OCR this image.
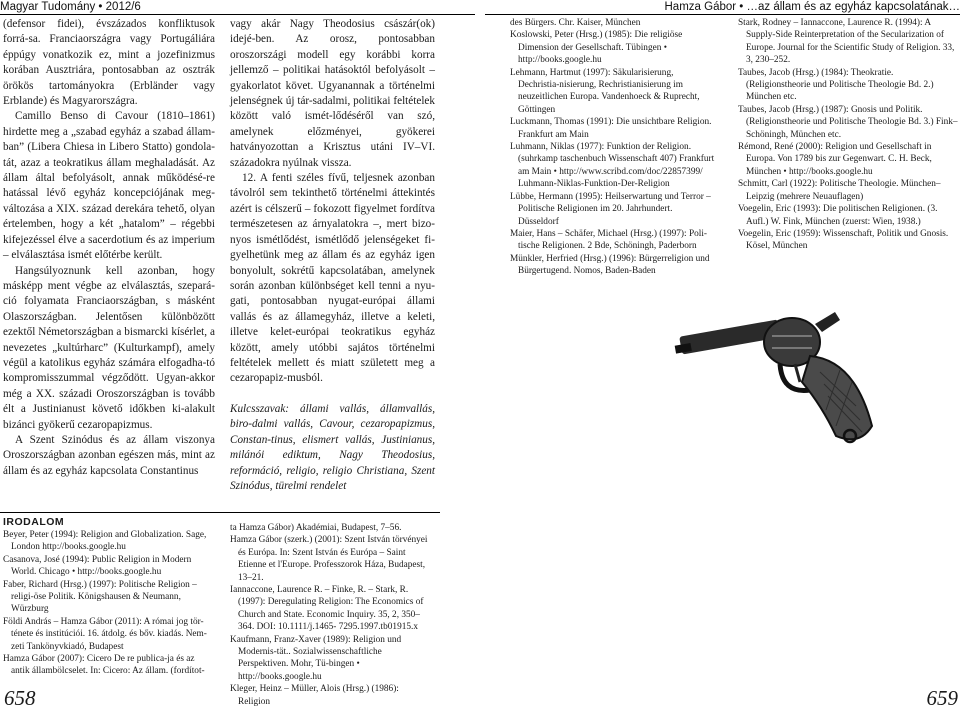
Magyar Tudomány • 2012/6	Hamza Gábor • …az állam és az egyház kapcsolatának…

(defensor fidei), évszázados konfliktusok forrá-sa. Franciaországra vagy Portugáliára éppúgy vonatkozik ez, mint a jozefinizmus korában Ausztriára, pontosabban az osztrák örökös tartományokra (Erbländer vagy Erblande) és Magyarországra.

Camillo Benso di Cavour (1810–1861) hirdette meg a „szabad egyház a szabad állam-ban” (Libera Chiesa in Libero Statto) gondola-tát, azaz a teokratikus állam meghaladását. Az állam által befolyásolt, annak működésé-re hatással lévő egyház koncepciójának meg-változása a XIX. század derekára tehető, olyan értelemben, hogy a két „hatalom” – régebbi kifejezéssel élve a sacerdotium és az imperium – elválasztása ismét előtérbe került.

Hangsúlyoznunk kell azonban, hogy másképp ment végbe az elválasztás, szepará-ció folyamata Franciaországban, s másként Olaszországban. Jelentősen különbözött ezektől Németországban a bismarcki kísérlet, a nevezetes „kultúrharc” (Kulturkampf), amely végül a katolikus egyház számára elfogadha-tó kompromisszummal végződött. Ugyan-akkor még a XX. századi Oroszországban is tovább élt a Justinianust követő időkben ki-alakult bizánci gyökerű cezaropapizmus.

A Szent Szinódus és az állam viszonya Oroszországban azonban egészen más, mint az állam és az egyház kapcsolata Constantinus

vagy akár Nagy Theodosius császár(ok) idejé-ben. Az orosz, pontosabban oroszországi modell egy korábbi korra jellemző – politikai hatásoktól befolyásolt – gyakorlatot követ. Ugyanannak a történelmi jelenségnek új tár-sadalmi, politikai feltételek között való ismét-lődéséről van szó, amelynek előzményei, gyökerei hatványozottan a Krisztus utáni IV–VI. századokra nyúlnak vissza.

12. A fenti széles fívű, teljesnek azonban távolról sem tekinthető történelmi áttekintés azért is célszerű – fokozott figyelmet fordítva természetesen az árnyalatokra –, mert bizo-nyos ismétlődést, ismétlődő jelenségeket fi-gyelhetünk meg az állam és az egyház igen bonyolult, sokrétű kapcsolatában, amelynek során azonban különbséget kell tenni a nyu-gati, pontosabban nyugat-európai állami vallás és az államegyház, illetve a keleti, illetve kelet-európai teokratikus egyház között, amely utóbbi sajátos történelmi feltételek mellett és miatt született meg a cezaropapiz-musból.

Kulcsszavak: állami vallás, államvallás, biro-dalmi vallás, Cavour, cezaropapizmus, Constan-tinus, elismert vallás, Justinianus, milánói ediktum, Nagy Theodosius, reformáció, religio, religio Christiana, Szent Szinódus, türelmi rendelet

des Bürgers. Chr. Kaiser, München

Koslowski, Peter (Hrsg.) (1985): Die religiöse Dimension der Gesellschaft. Tübingen • http://books.google.hu

Lehmann, Hartmut (1997): Säkularisierung, Dechristia-nisierung, Rechristianisierung im neuzeitlichen Europa. Vandenhoeck & Ruprecht, Göttingen

Luckmann, Thomas (1991): Die unsichtbare Religion. Frankfurt am Main

Luhmann, Niklas (1977): Funktion der Religion. (suhrkamp taschenbuch Wissenschaft 407) Frankfurt am Main • http://www.scribd.com/doc/22857399/ Luhmann-Niklas-Funktion-Der-Religion

Lübbe, Hermann (1995): Heilserwartung und Terror – Politische Religionen im 20. Jahrhundert. Düsseldorf

Maier, Hans – Schäfer, Michael (Hrsg.) (1997): Poli-tische Religionen. 2 Bde, Schöningh, Paderborn

Münkler, Herfried (Hrsg.) (1996): Bürgerreligion und Bürgertugend. Nomos, Baden-Baden

Stark, Rodney – Iannaccone, Laurence R. (1994): A Supply-Side Reinterpretation of the Secularization of Europe. Journal for the Scientific Study of Religion. 33, 3, 230–252.

Taubes, Jacob (Hrsg.) (1984): Theokratie. (Religionstheorie und Politische Theologie Bd. 2.) München etc.

Taubes, Jacob (Hrsg.) (1987): Gnosis und Politik. (Religionstheorie und Politische Theologie Bd. 3.) Fink–Schöningh, München etc.

Rémond, René (2000): Religion und Gesellschaft in Europa. Von 1789 bis zur Gegenwart. C. H. Beck, München • http://books.google.hu

Schmitt, Carl (1922): Politische Theologie. München–Leipzig (mehrere Neuauflagen)

Voegelin, Eric (1993): Die politischen Religionen. (3. Aufl.) W. Fink, München (zuerst: Wien, 1938.)

Voegelin, Eric (1959): Wissenschaft, Politik und Gnosis. Kösel, München

IRODALOM

Beyer, Peter (1994): Religion and Globalization. Sage, London http://books.google.hu

Casanova, José (1994): Public Religion in Modern World. Chicago • http://books.google.hu

Faber, Richard (Hrsg.) (1997): Politische Religion – religi-öse Politik. Königshausen & Neumann, Würzburg

Földi András – Hamza Gábor (2011): A római jog tör-ténete és institúciói. 16. átdolg. és bőv. kiadás. Nem-zeti Tankönyvkiadó, Budapest

Hamza Gábor (2007): Cicero De re publica-ja és az antik állambölcselet. In: Cicero: Az állam. (fordítot-

ta Hamza Gábor) Akadémiai, Budapest, 7–56.

Hamza Gábor (szerk.) (2001): Szent István törvényei és Európa. In: Szent István és Európa – Saint Etienne et l'Europe. Professzorok Háza, Budapest, 13–21.

Iannaccone, Laurence R. – Finke, R. – Stark, R. (1997): Deregulating Religion: The Economics of Church and State. Economic Inquiry. 35, 2, 350–364. DOI: 10.1111/j.1465- 7295.1997.tb01915.x

Kaufmann, Franz-Xaver (1989): Religion und Modernis-tät.. Sozialwissenschaftliche Perspektiven. Mohr, Tü-bingen • http://books.google.hu

Kleger, Heinz – Müller, Alois (Hrsg.) (1986): Religion

658	659
